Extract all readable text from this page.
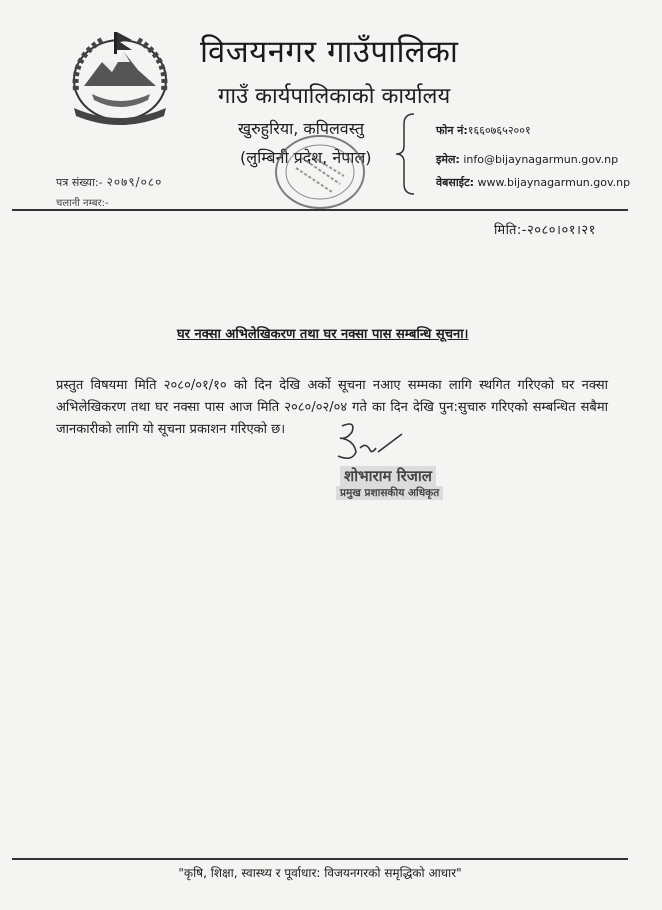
विजयनगर गाउँपालिका
गाउँ कार्यपालिकाको कार्यालय
खुरुहुरिया, कपिलवस्तु
(लुम्बिनी प्रदेश, नेपाल)
फोन नं:१६६०७६५२००१
इमेल: info@bijaynagarmun.gov.np
वेबसाईट: www.bijaynagarmun.gov.np
पत्र संख्या:- २०७९/०८०
चलानी नम्बर:-
मिति:-२०८०।०१।२१
घर नक्सा अभिलेखिकरण तथा घर नक्सा पास सम्बन्धि सूचना।
प्रस्तुत विषयमा मिति २०८०/०१/१० को दिन देखि अर्को सूचना नआए सम्मका लागि स्थगित गरिएको घर नक्सा अभिलेखिकरण तथा घर नक्सा पास आज मिति २०८०/०२/०४ गते का दिन देखि पुन:सुचारु गरिएको सम्बन्धित सबैमा जानकारीको लागि यो सूचना प्रकाशन गरिएको छ।
शोभाराम रिजाल
प्रमुख प्रशासकीय अधिकृत
"कृषि, शिक्षा, स्वास्थ्य र पूर्वाधार: विजयनगरको समृद्धिको आधार"
